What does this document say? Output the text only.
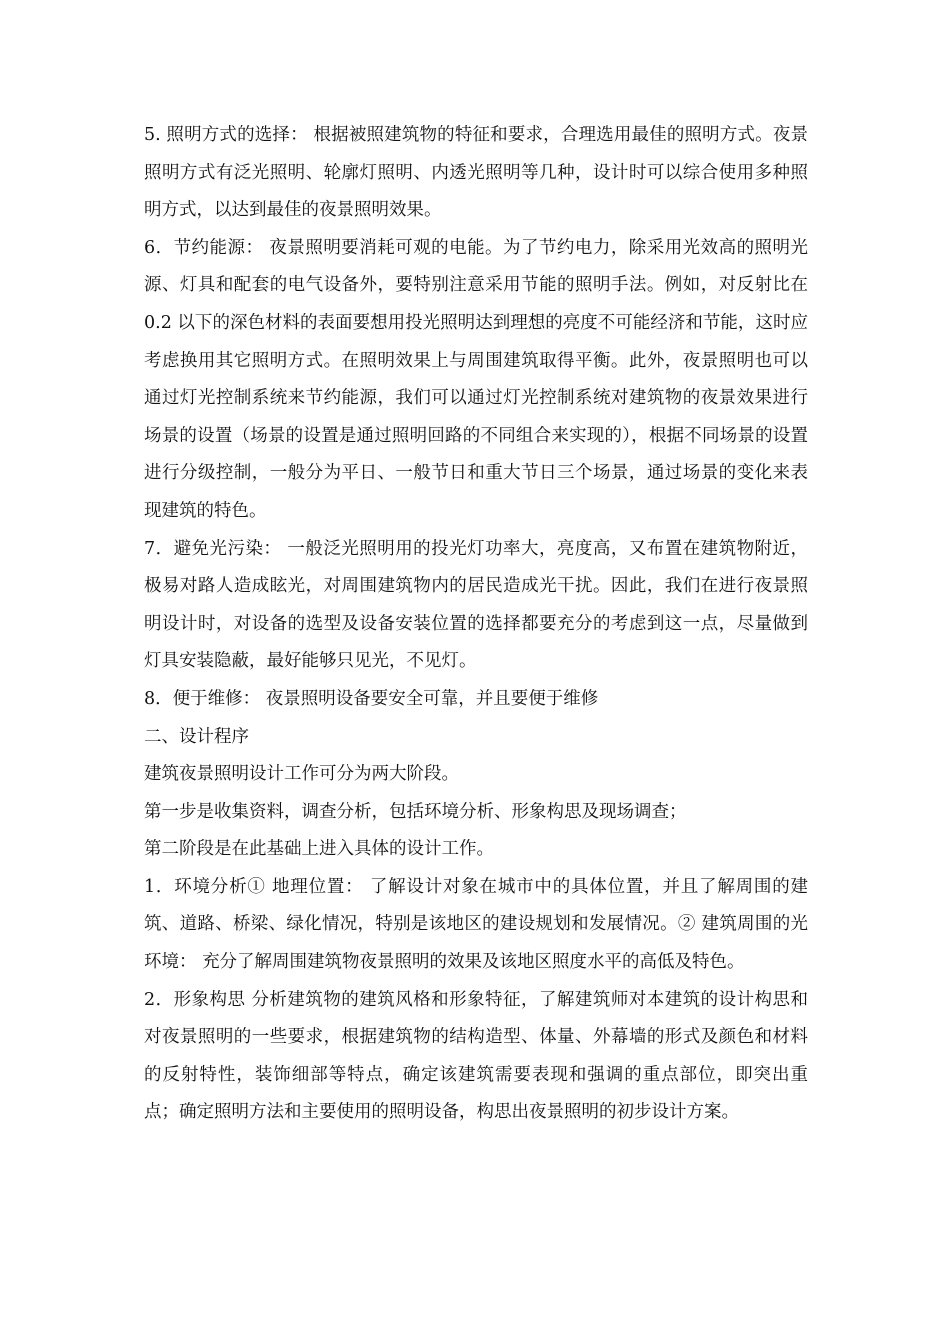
5. 照明方式的选择： 根据被照建筑物的特征和要求，合理选用最佳的照明方式。夜景照明方式有泛光照明、轮廓灯照明、内透光照明等几种，设计时可以综合使用多种照明方式，以达到最佳的夜景照明效果。

6．节约能源： 夜景照明要消耗可观的电能。为了节约电力，除采用光效高的照明光源、灯具和配套的电气设备外，要特别注意采用节能的照明手法。例如，对反射比在 0.2 以下的深色材料的表面要想用投光照明达到理想的亮度不可能经济和节能，这时应考虑换用其它照明方式。在照明效果上与周围建筑取得平衡。此外，夜景照明也可以通过灯光控制系统来节约能源，我们可以通过灯光控制系统对建筑物的夜景效果进行场景的设置（场景的设置是通过照明回路的不同组合来实现的），根据不同场景的设置进行分级控制，一般分为平日、一般节日和重大节日三个场景，通过场景的变化来表现建筑的特色。

7．避免光污染： 一般泛光照明用的投光灯功率大，亮度高，又布置在建筑物附近，极易对路人造成眩光，对周围建筑物内的居民造成光干扰。因此，我们在进行夜景照明设计时，对设备的选型及设备安装位置的选择都要充分的考虑到这一点，尽量做到灯具安装隐蔽，最好能够只见光，不见灯。

8．便于维修： 夜景照明设备要安全可靠，并且要便于维修

二、设计程序

建筑夜景照明设计工作可分为两大阶段。

第一步是收集资料，调查分析，包括环境分析、形象构思及现场调查；

第二阶段是在此基础上进入具体的设计工作。

1．环境分析① 地理位置： 了解设计对象在城市中的具体位置，并且了解周围的建筑、道路、桥梁、绿化情况，特别是该地区的建设规划和发展情况。② 建筑周围的光环境： 充分了解周围建筑物夜景照明的效果及该地区照度水平的高低及特色。

2．形象构思 分析建筑物的建筑风格和形象特征，了解建筑师对本建筑的设计构思和对夜景照明的一些要求，根据建筑物的结构造型、体量、外幕墙的形式及颜色和材料的反射特性，装饰细部等特点，确定该建筑需要表现和强调的重点部位，即突出重点；确定照明方法和主要使用的照明设备，构思出夜景照明的初步设计方案。
